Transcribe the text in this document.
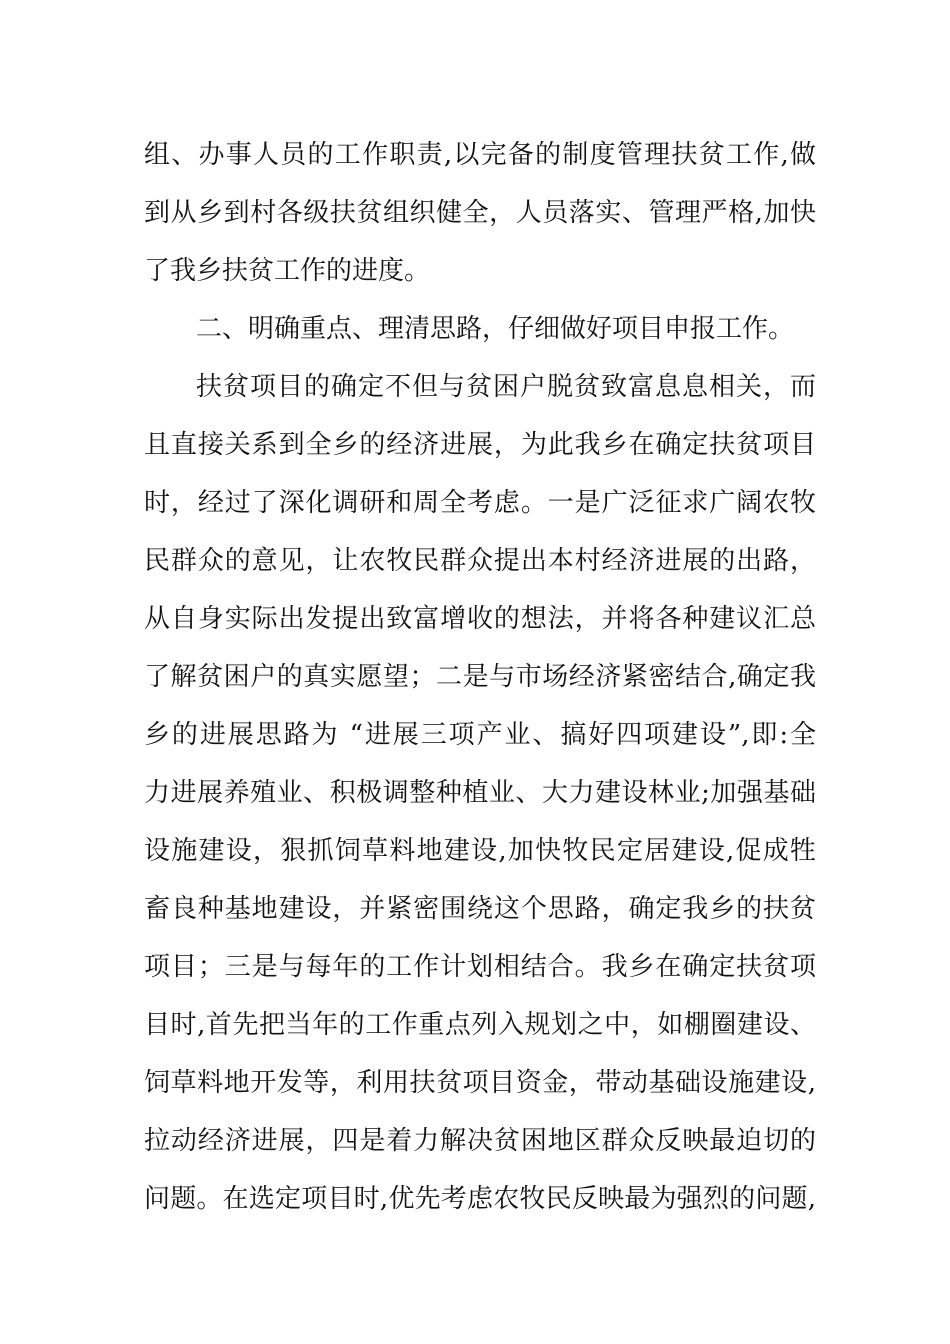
组、办事人员的工作职责,以完备的制度管理扶贫工作,做
到从乡到村各级扶贫组织健全，人员落实、管理严格,加快
了我乡扶贫工作的进度。
二、明确重点、理清思路，仔细做好项目申报工作。
扶贫项目的确定不但与贫困户脱贫致富息息相关，而
且直接关系到全乡的经济进展，为此我乡在确定扶贫项目
时，经过了深化调研和周全考虑。一是广泛征求广阔农牧
民群众的意见，让农牧民群众提出本村经济进展的出路，
从自身实际出发提出致富增收的想法，并将各种建议汇总
了解贫困户的真实愿望；二是与市场经济紧密结合,确定我
乡的进展思路为 “进展三项产业、搞好四项建设”,即:全
力进展养殖业、积极调整种植业、大力建设林业;加强基础
设施建设，狠抓饲草料地建设,加快牧民定居建设,促成牲
畜良种基地建设，并紧密围绕这个思路，确定我乡的扶贫
项目；三是与每年的工作计划相结合。我乡在确定扶贫项
目时,首先把当年的工作重点列入规划之中，如棚圈建设、
饲草料地开发等，利用扶贫项目资金，带动基础设施建设,
拉动经济进展，四是着力解决贫困地区群众反映最迫切的
问题。在选定项目时,优先考虑农牧民反映最为强烈的问题,
